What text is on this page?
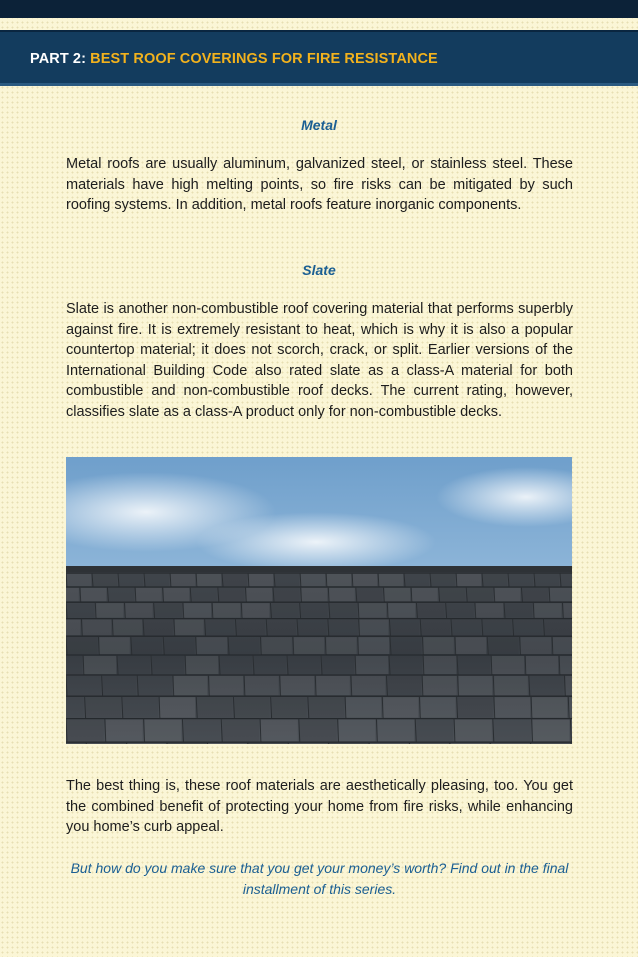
PART 2: BEST ROOF COVERINGS FOR FIRE RESISTANCE
Metal

Metal roofs are usually aluminum, galvanized steel, or stainless steel. These materials have high melting points, so fire risks can be mitigated by such roofing systems. In addition, metal roofs feature inorganic components.

Slate

Slate is another non-combustible roof covering material that performs superbly against fire. It is extremely resistant to heat, which is why it is also a popular countertop material; it does not scorch, crack, or split. Earlier versions of the International Building Code also rated slate as a class-A material for both combustible and non-combustible roof decks. The current rating, however, classifies slate as a class-A product only for non-combustible decks.

The best thing is, these roof materials are aesthetically pleasing, too. You get the combined benefit of protecting your home from fire risks, while enhancing you home’s curb appeal.

But how do you make sure that you get your money’s worth? Find out in the final installment of this series.
